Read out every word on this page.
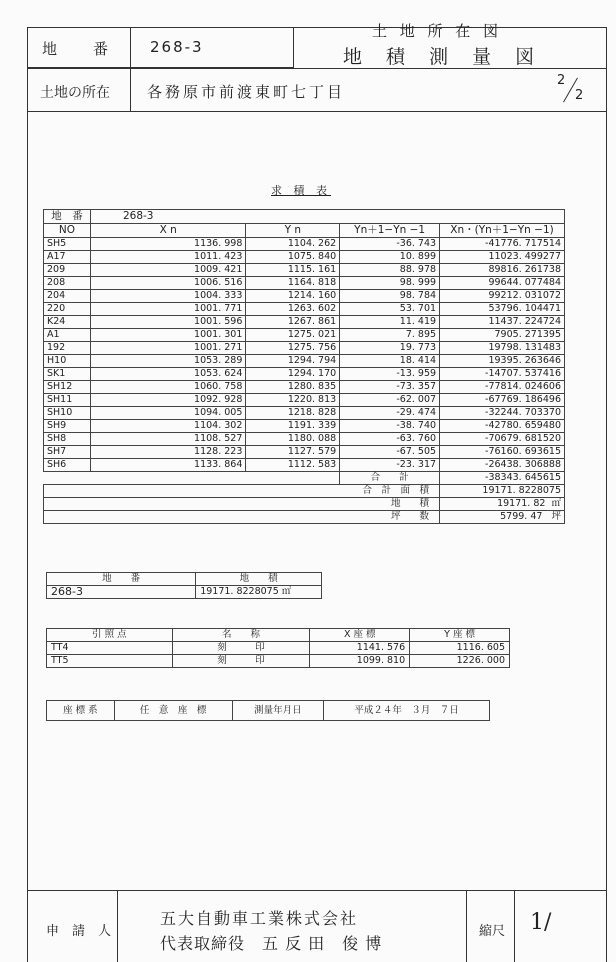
地　　番	268-3
土 地 所 在 図
地 積 測 量 図
土地の所在 各務原市前渡東町七丁目
2
2
求 積 表
地　番	268-3			
NO	X n	Y n	Yn＋1−Yn −1	Xn・(Yn＋1−Yn −1)
SH5	1136. 998	1104. 262	-36. 743	-41776. 717514
A17	1011. 423	1075. 840	10. 899	11023. 499277
209	1009. 421	1115. 161	88. 978	89816. 261738
208	1006. 516	1164. 818	98. 999	99644. 077484
204	1004. 333	1214. 160	98. 784	99212. 031072
220	1001. 771	1263. 602	53. 701	53796. 104471
K24	1001. 596	1267. 861	11. 419	11437. 224724
A1	1001. 301	1275. 021	7. 895	7905. 271395
192	1001. 271	1275. 756	19. 773	19798. 131483
H10	1053. 289	1294. 794	18. 414	19395. 263646
SK1	1053. 624	1294. 170	-13. 959	-14707. 537416
SH12	1060. 758	1280. 835	-73. 357	-77814. 024606
SH11	1092. 928	1220. 813	-62. 007	-67769. 186496
SH10	1094. 005	1218. 828	-29. 474	-32244. 703370
SH9	1104. 302	1191. 339	-38. 740	-42780. 659480
SH8	1108. 527	1180. 088	-63. 760	-70679. 681520
SH7	1128. 223	1127. 579	-67. 505	-76160. 693615
SH6	1133. 864	1112. 583	-23. 317	-26438. 306888
			合　　計	-38343. 645615
合　計　面　積				19171. 8228075
地　　積				19171. 82 ㎡
坪　　数				5799. 47 坪
地　　番	地　　積
268-3	19171. 8228075 ㎡
引 照 点	名　　称	X 座 標	Y 座 標
TT4	刻　　　印	1141. 576	1116. 605
TT5	刻　　　印	1099. 810	1226. 000
座 標 系	任　意　座　標	測量年月日	平成２４年　３月　７日
申　請　人
五大自動車工業株式会社
代表取締役　五 反 田　俊 博
縮尺 1/
